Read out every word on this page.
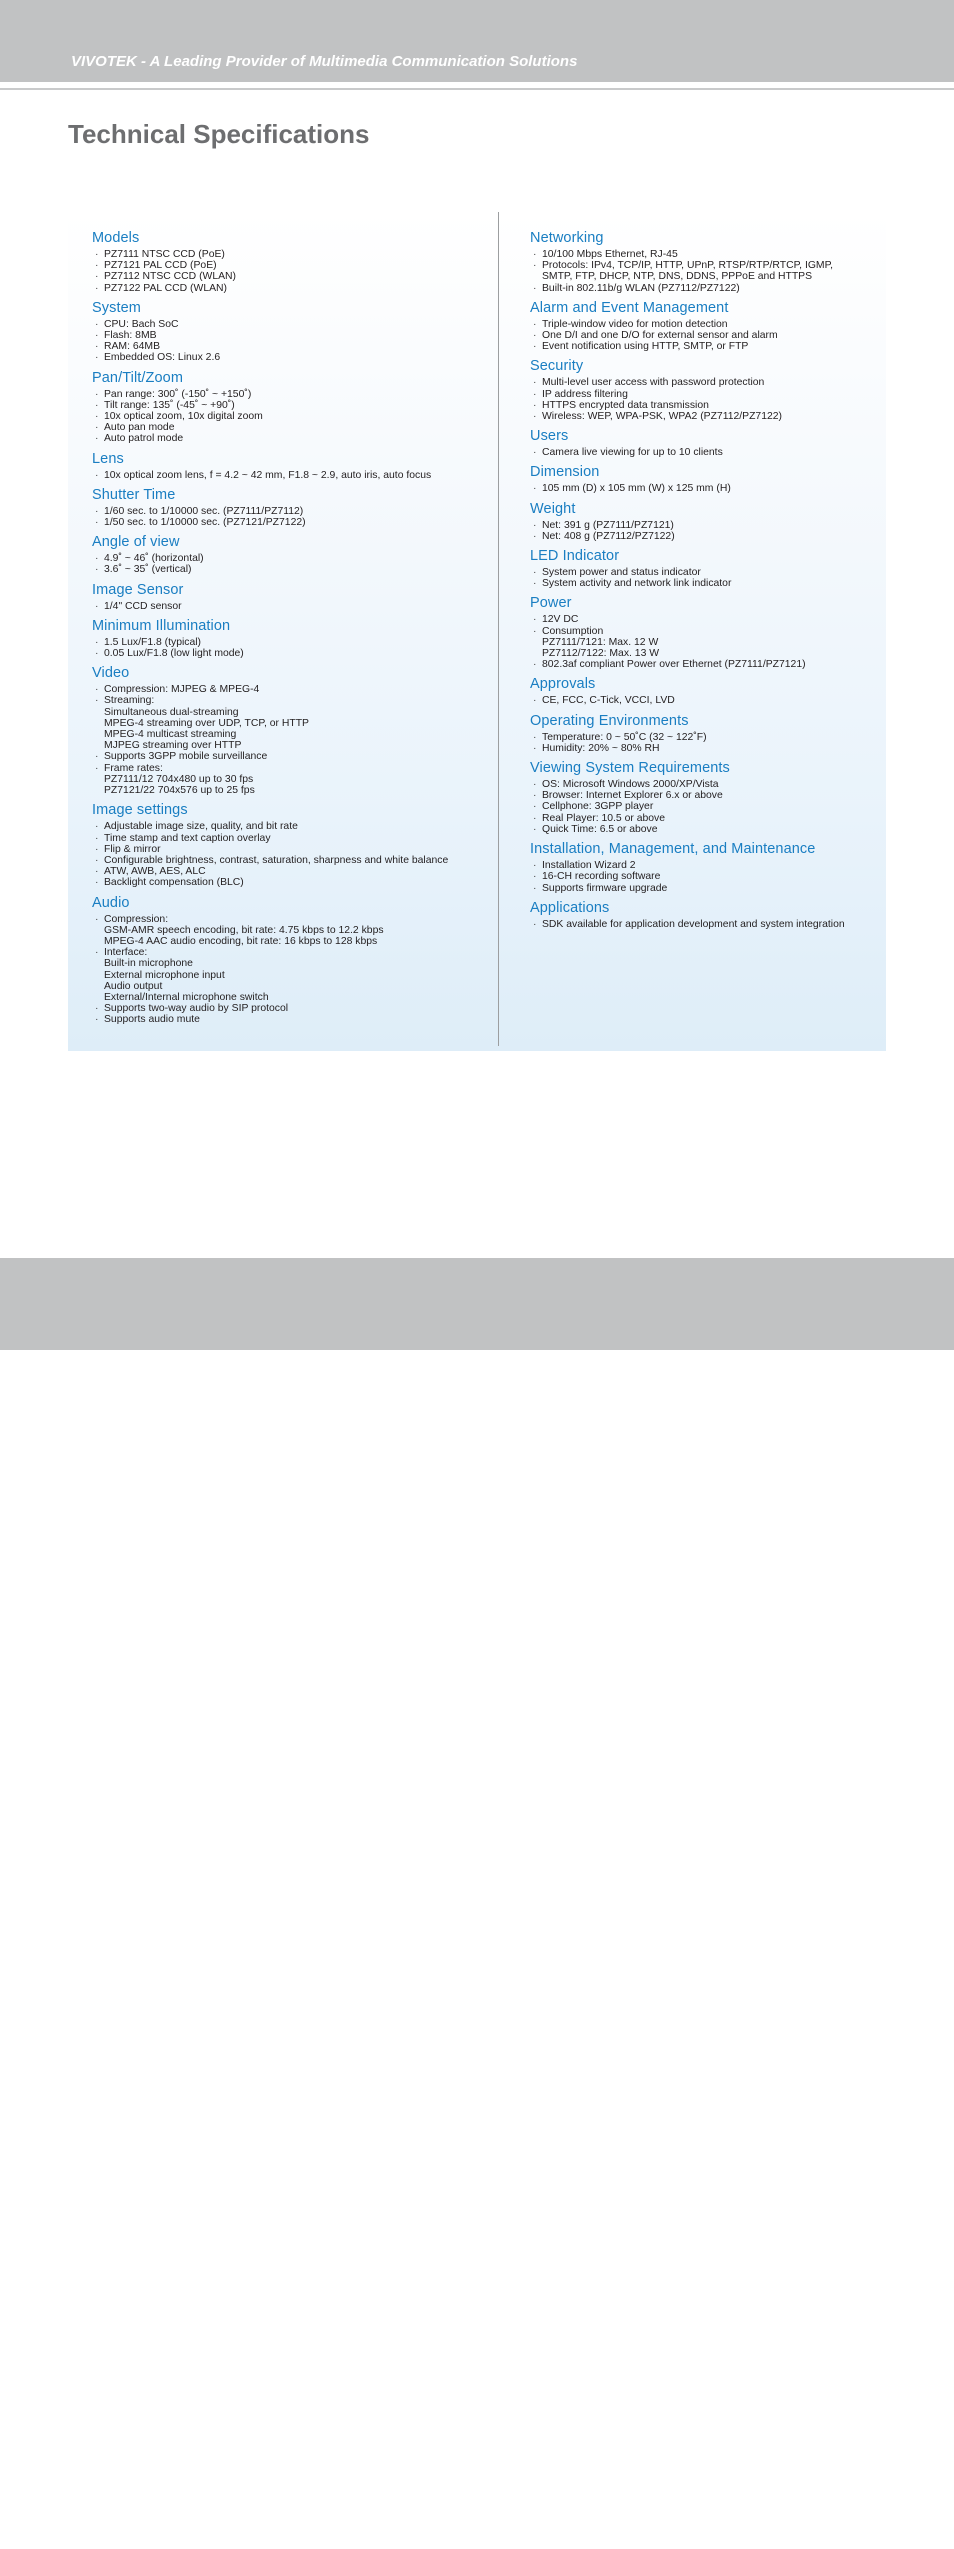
VIVOTEK - A Leading Provider of Multimedia Communication Solutions
Technical Specifications
Models
· PZ7111 NTSC CCD (PoE)
· PZ7121 PAL CCD (PoE)
· PZ7112 NTSC CCD (WLAN)
· PZ7122 PAL CCD (WLAN)
System
· CPU: Bach SoC
· Flash: 8MB
· RAM: 64MB
· Embedded OS: Linux 2.6
Pan/Tilt/Zoom
· Pan range: 300˚ (-150˚ ~ +150˚)
· Tilt range: 135˚ (-45˚ ~ +90˚)
· 10x optical zoom, 10x digital zoom
· Auto pan mode
· Auto patrol mode
Lens
· 10x optical zoom lens, f = 4.2 ~ 42 mm, F1.8 ~ 2.9, auto iris, auto focus
Shutter Time
· 1/60 sec. to 1/10000 sec. (PZ7111/PZ7112)
· 1/50 sec. to 1/10000 sec. (PZ7121/PZ7122)
Angle of view
· 4.9˚ ~ 46˚ (horizontal)
· 3.6˚ ~ 35˚ (vertical)
Image Sensor
· 1/4" CCD sensor
Minimum Illumination
· 1.5 Lux/F1.8 (typical)
· 0.05 Lux/F1.8 (low light mode)
Video
· Compression: MJPEG & MPEG-4
· Streaming:
Simultaneous dual-streaming
MPEG-4 streaming over UDP, TCP, or HTTP
MPEG-4 multicast streaming
MJPEG streaming over HTTP
· Supports 3GPP mobile surveillance
· Frame rates:
PZ7111/12 704x480 up to 30 fps
PZ7121/22 704x576 up to 25 fps
Image settings
· Adjustable image size, quality, and bit rate
· Time stamp and text caption overlay
· Flip & mirror
· Configurable brightness, contrast, saturation, sharpness and white balance
· ATW, AWB, AES, ALC
· Backlight compensation (BLC)
Audio
· Compression:
GSM-AMR speech encoding, bit rate: 4.75 kbps to 12.2 kbps
MPEG-4 AAC audio encoding, bit rate: 16 kbps to 128 kbps
· Interface:
Built-in microphone
External microphone input
Audio output
External/Internal microphone switch
· Supports two-way audio by SIP protocol
· Supports audio mute
Networking
· 10/100 Mbps Ethernet, RJ-45
· Protocols: IPv4, TCP/IP, HTTP, UPnP, RTSP/RTP/RTCP, IGMP,
SMTP, FTP, DHCP, NTP, DNS, DDNS, PPPoE and HTTPS
· Built-in 802.11b/g WLAN (PZ7112/PZ7122)
Alarm and Event Management
· Triple-window video for motion detection
· One D/I and one D/O for external sensor and alarm
· Event notification using HTTP, SMTP, or FTP
Security
· Multi-level user access with password protection
· IP address filtering
· HTTPS encrypted data transmission
· Wireless: WEP, WPA-PSK, WPA2 (PZ7112/PZ7122)
Users
· Camera live viewing for up to 10 clients
Dimension
· 105 mm (D) x 105 mm (W) x 125 mm (H)
Weight
· Net: 391 g (PZ7111/PZ7121)
· Net: 408 g (PZ7112/PZ7122)
LED Indicator
· System power and status indicator
· System activity and network link indicator
Power
· 12V DC
· Consumption
PZ7111/7121: Max. 12 W
PZ7112/7122: Max. 13 W
· 802.3af compliant Power over Ethernet (PZ7111/PZ7121)
Approvals
· CE, FCC, C-Tick, VCCI, LVD
Operating Environments
· Temperature: 0 ~ 50˚C (32 ~ 122˚F)
· Humidity: 20% ~ 80% RH
Viewing System Requirements
· OS: Microsoft Windows 2000/XP/Vista
· Browser: Internet Explorer 6.x or above
· Cellphone: 3GPP player
· Real Player: 10.5 or above
· Quick Time: 6.5 or above
Installation, Management, and Maintenance
· Installation Wizard 2
· 16-CH recording software
· Supports firmware upgrade
Applications
· SDK available for application development and system integration
116 - User's Manual
